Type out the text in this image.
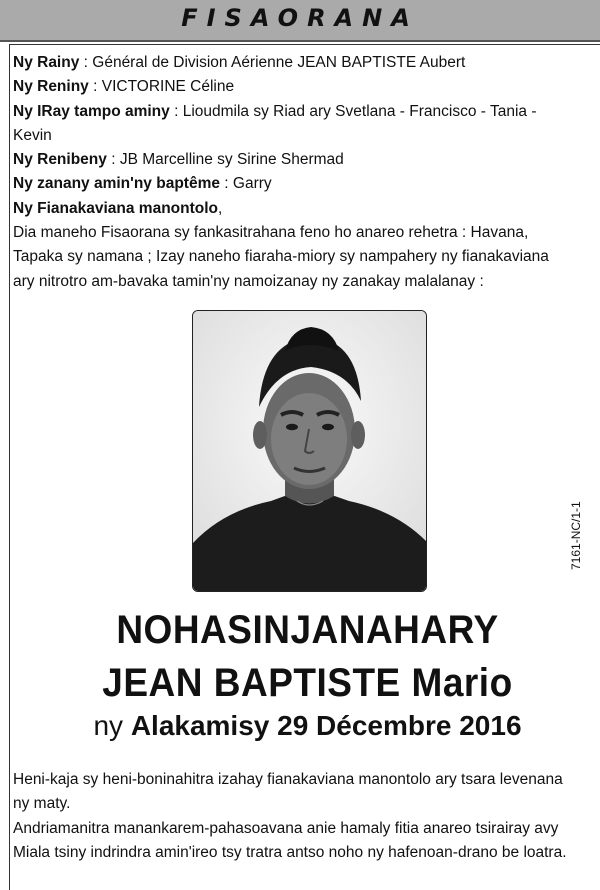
FISAORANA
Ny Rainy : Général de Division Aérienne JEAN BAPTISTE Aubert
Ny Reniny : VICTORINE Céline
Ny IRay tampo aminy : Lioudmila sy Riad ary Svetlana - Francisco - Tania -
Kevin
Ny Renibeny : JB Marcelline sy Sirine Shermad
Ny zanany amin'ny baptême : Garry
Ny Fianakaviana manontolo,
Dia maneho Fisaorana sy fankasitrahana feno ho anareo rehetra : Havana,
Tapaka sy namana ; Izay naneho fiaraha-miory sy nampahery ny fianakaviana
ary nitrotro am-bavaka tamin'ny namoizanay ny zanakay malalanay :
NOHASINJANAHARY
JEAN BAPTISTE Mario
ny Alakamisy 29 Décembre 2016
7161-NC/1-1
Heni-kaja sy heni-boninahitra izahay fianakaviana manontolo ary tsara levenana
ny maty.
Andriamanitra manankarem-pahasoavana anie hamaly fitia anareo tsirairay avy
Miala tsiny indrindra amin'ireo tsy tratra antso noho ny hafenoan-drano be loatra.
